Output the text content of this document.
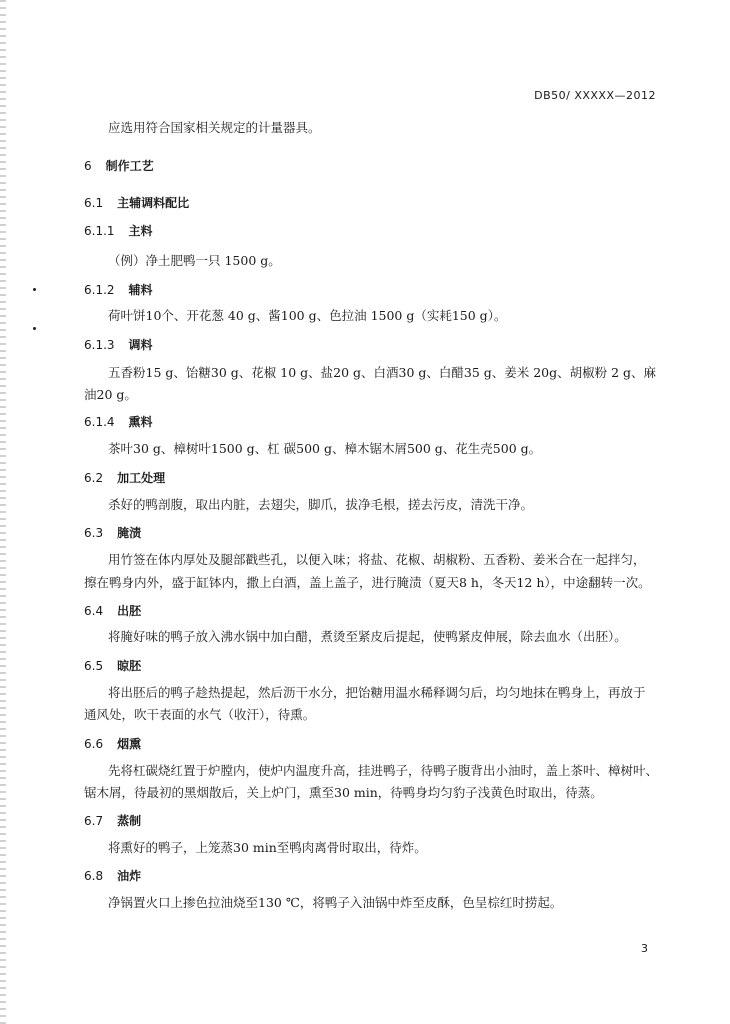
DB50/ XXXXX—2012
应选用符合国家相关规定的计量器具。
6 制作工艺
6.1 主辅调料配比
6.1.1 主料
（例）净土肥鸭一只 1500 g。
6.1.2 辅料
荷叶饼10个、开花葱 40 g、酱100 g、色拉油 1500 g（实耗150 g）。
6.1.3 调料
五香粉15 g、饴糖30 g、花椒 10 g、盐20 g、白酒30 g、白醋35 g、姜米 20g、胡椒粉 2 g、麻
油20 g。
6.1.4 熏料
茶叶30 g、樟树叶1500 g、杠 碳500 g、樟木锯木屑500 g、花生壳500 g。
6.2 加工处理
杀好的鸭剖腹，取出内脏，去翅尖，脚爪，拔净毛根，搓去污皮，清洗干净。
6.3 腌渍
用竹签在体内厚处及腿部戳些孔，以便入味；将盐、花椒、胡椒粉、五香粉、姜米合在一起拌匀，
擦在鸭身内外，盛于缸钵内，撒上白酒，盖上盖子，进行腌渍（夏天8 h，冬天12 h），中途翻转一次。
6.4 出胚
将腌好味的鸭子放入沸水锅中加白醋，煮烫至紧皮后提起，使鸭紧皮伸展，除去血水（出胚）。
6.5 晾胚
将出胚后的鸭子趁热提起，然后沥干水分，把饴糖用温水稀释调匀后，均匀地抹在鸭身上，再放于
通风处，吹干表面的水气（收汗），待熏。
6.6 烟熏
先将杠碳烧红置于炉膛内，使炉内温度升高，挂进鸭子，待鸭子腹背出小油时，盖上茶叶、樟树叶、
锯木屑，待最初的黑烟散后，关上炉门，熏至30 min，待鸭身均匀豹子浅黄色时取出，待蒸。
6.7 蒸制
将熏好的鸭子，上笼蒸30 min至鸭肉离骨时取出，待炸。
6.8 油炸
净锅置火口上掺色拉油烧至130 ℃，将鸭子入油锅中炸至皮酥，色呈棕红时捞起。
3
